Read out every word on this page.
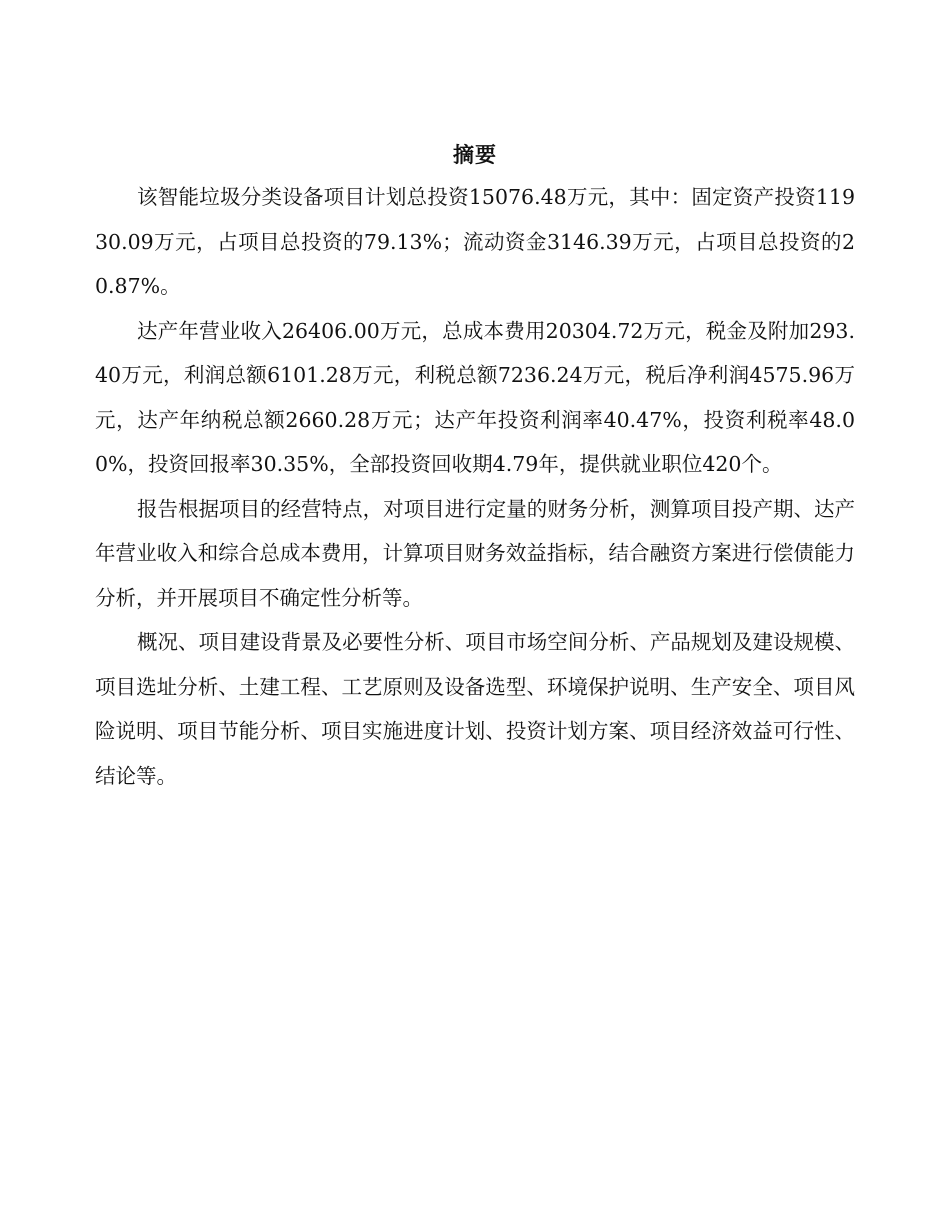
摘要

该智能垃圾分类设备项目计划总投资15076.48万元，其中：固定资产投资11930.09万元，占项目总投资的79.13%；流动资金3146.39万元，占项目总投资的20.87%。

达产年营业收入26406.00万元，总成本费用20304.72万元，税金及附加293.40万元，利润总额6101.28万元，利税总额7236.24万元，税后净利润4575.96万元，达产年纳税总额2660.28万元；达产年投资利润率40.47%，投资利税率48.00%，投资回报率30.35%，全部投资回收期4.79年，提供就业职位420个。

报告根据项目的经营特点，对项目进行定量的财务分析，测算项目投产期、达产年营业收入和综合总成本费用，计算项目财务效益指标，结合融资方案进行偿债能力分析，并开展项目不确定性分析等。

概况、项目建设背景及必要性分析、项目市场空间分析、产品规划及建设规模、项目选址分析、土建工程、工艺原则及设备选型、环境保护说明、生产安全、项目风险说明、项目节能分析、项目实施进度计划、投资计划方案、项目经济效益可行性、结论等。
